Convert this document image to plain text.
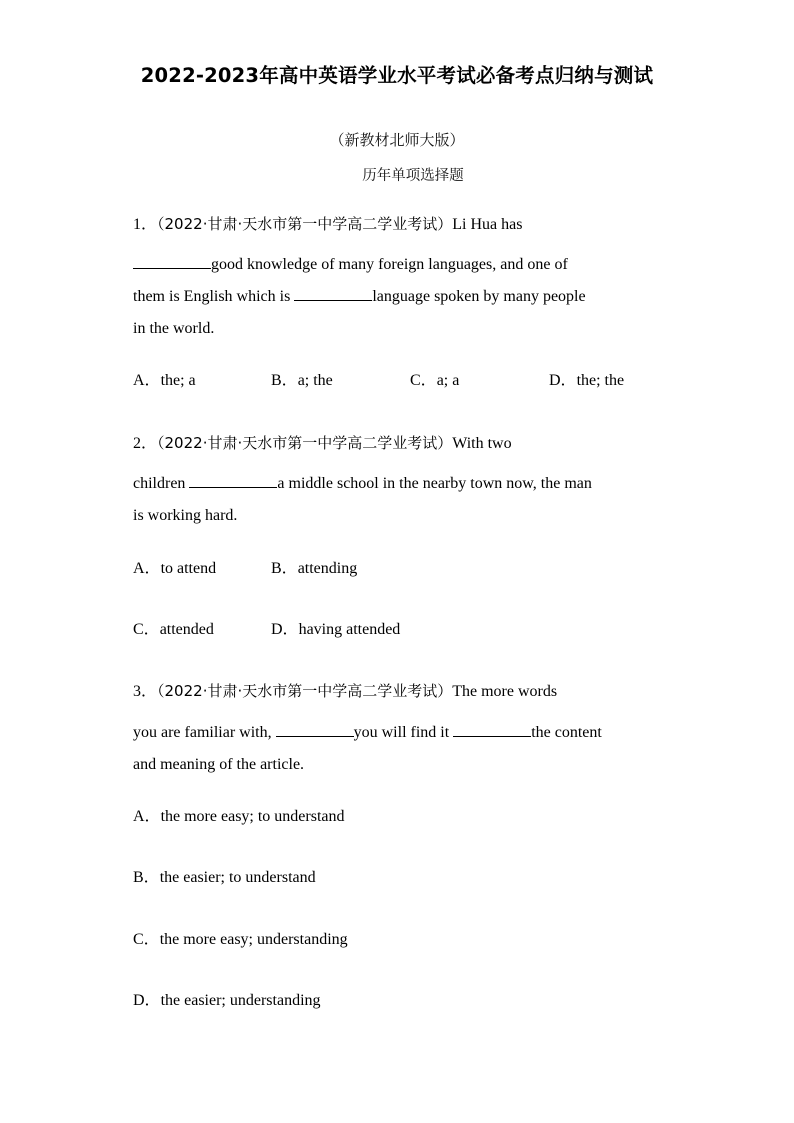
2022-2023年高中英语学业水平考试必备考点归纳与测试
（新教材北师大版）
历年单项选择题
1．（2022·甘肃·天水市第一中学高二学业考试）Li Hua has
good knowledge of many foreign languages, and one of
them is English which is	language spoken by many people
in the world.
A．the; a	B．a; the	C．a; a	D．the; the
2．（2022·甘肃·天水市第一中学高二学业考试）With two
children	a middle school in the nearby town now, the man
is working hard.
A．to attend	B．attending
C．attended	D．having attended
3．（2022·甘肃·天水市第一中学高二学业考试）The more words
you are familiar with,	you will find it	the content
and meaning of the article.
A．the more easy; to understand
B．the easier; to understand
C．the more easy; understanding
D．the easier; understanding
